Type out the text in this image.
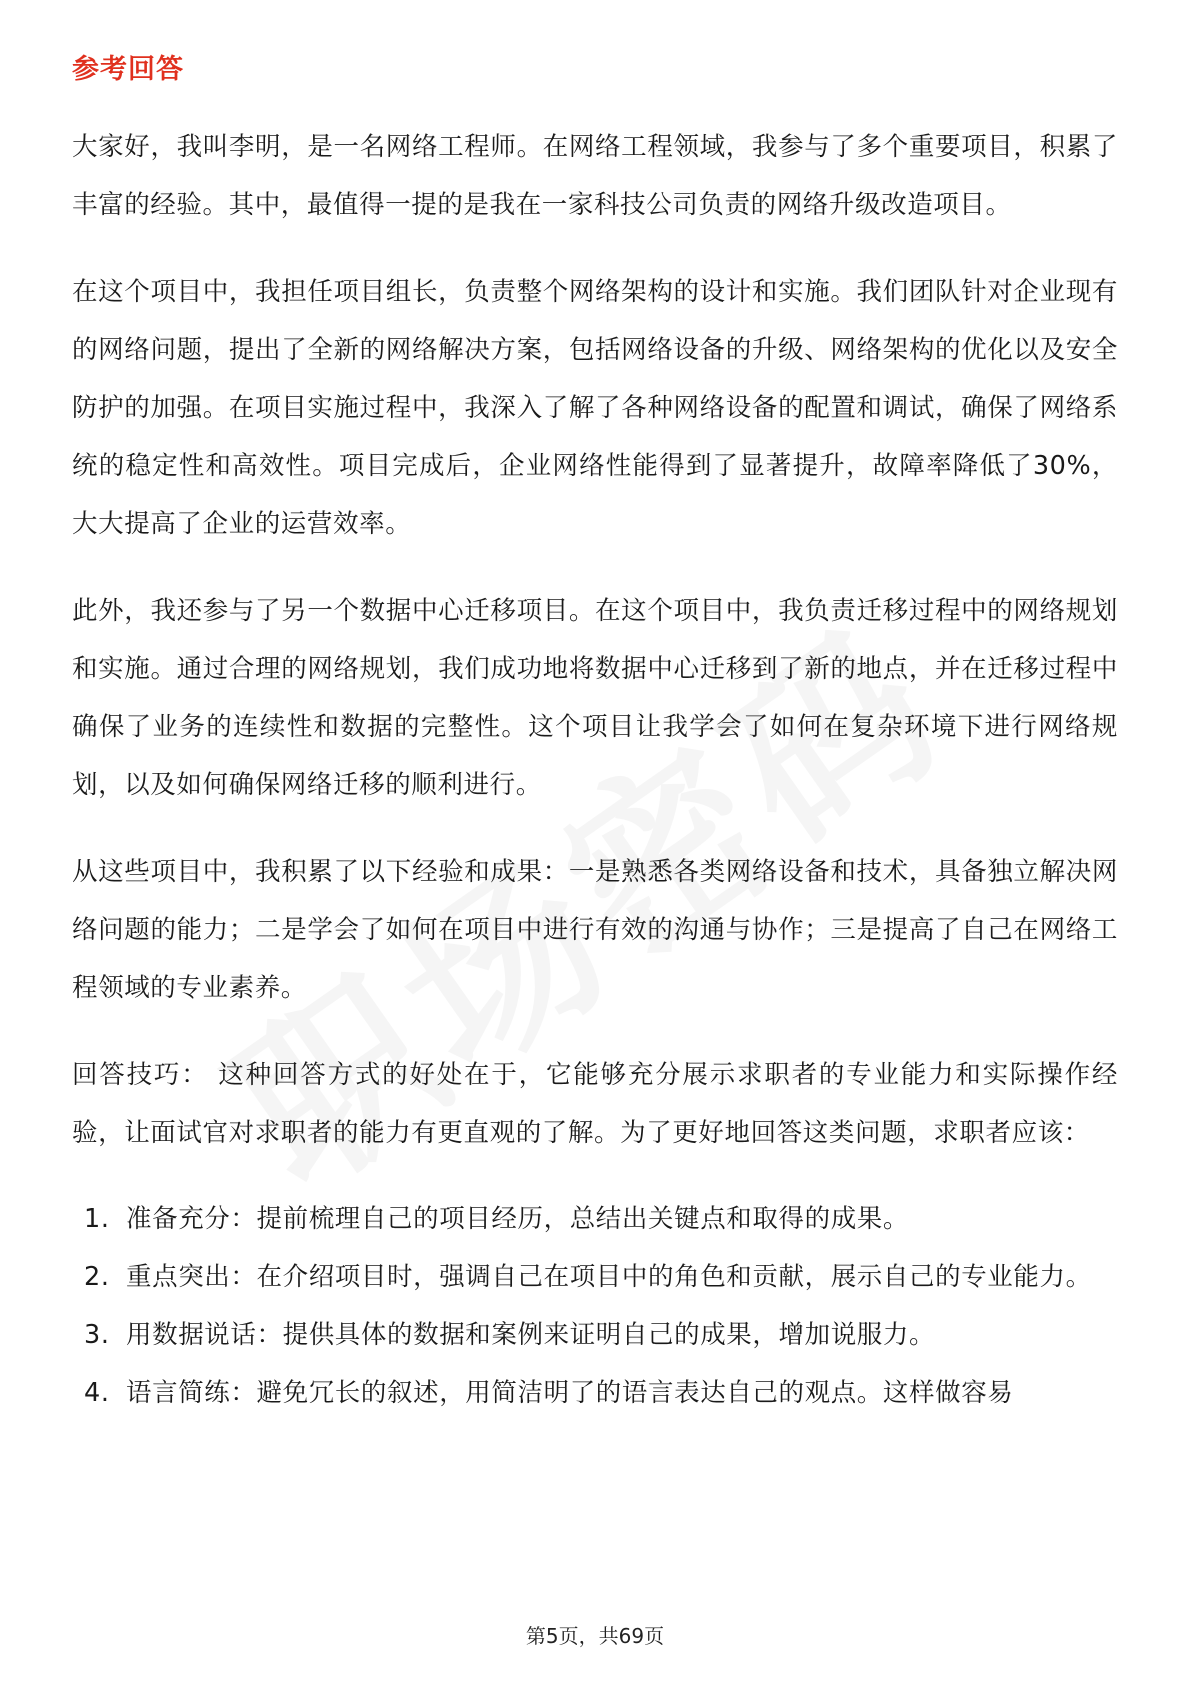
参考回答

大家好，我叫李明，是一名网络工程师。在网络工程领域，我参与了多个重要项目，积累了丰富的经验。其中，最值得一提的是我在一家科技公司负责的网络升级改造项目。

在这个项目中，我担任项目组长，负责整个网络架构的设计和实施。我们团队针对企业现有的网络问题，提出了全新的网络解决方案，包括网络设备的升级、网络架构的优化以及安全防护的加强。在项目实施过程中，我深入了解了各种网络设备的配置和调试，确保了网络系统的稳定性和高效性。项目完成后，企业网络性能得到了显著提升，故障率降低了30%，大大提高了企业的运营效率。

此外，我还参与了另一个数据中心迁移项目。在这个项目中，我负责迁移过程中的网络规划和实施。通过合理的网络规划，我们成功地将数据中心迁移到了新的地点，并在迁移过程中确保了业务的连续性和数据的完整性。这个项目让我学会了如何在复杂环境下进行网络规划，以及如何确保网络迁移的顺利进行。

从这些项目中，我积累了以下经验和成果：一是熟悉各类网络设备和技术，具备独立解决网络问题的能力；二是学会了如何在项目中进行有效的沟通与协作；三是提高了自己在网络工程领域的专业素养。

回答技巧： 这种回答方式的好处在于，它能够充分展示求职者的专业能力和实际操作经验，让面试官对求职者的能力有更直观的了解。为了更好地回答这类问题，求职者应该：

1. 准备充分：提前梳理自己的项目经历，总结出关键点和取得的成果。
2. 重点突出：在介绍项目时，强调自己在项目中的角色和贡献，展示自己的专业能力。
3. 用数据说话：提供具体的数据和案例来证明自己的成果，增加说服力。
4. 语言简练：避免冗长的叙述，用简洁明了的语言表达自己的观点。这样做容易
第5页，共69页
